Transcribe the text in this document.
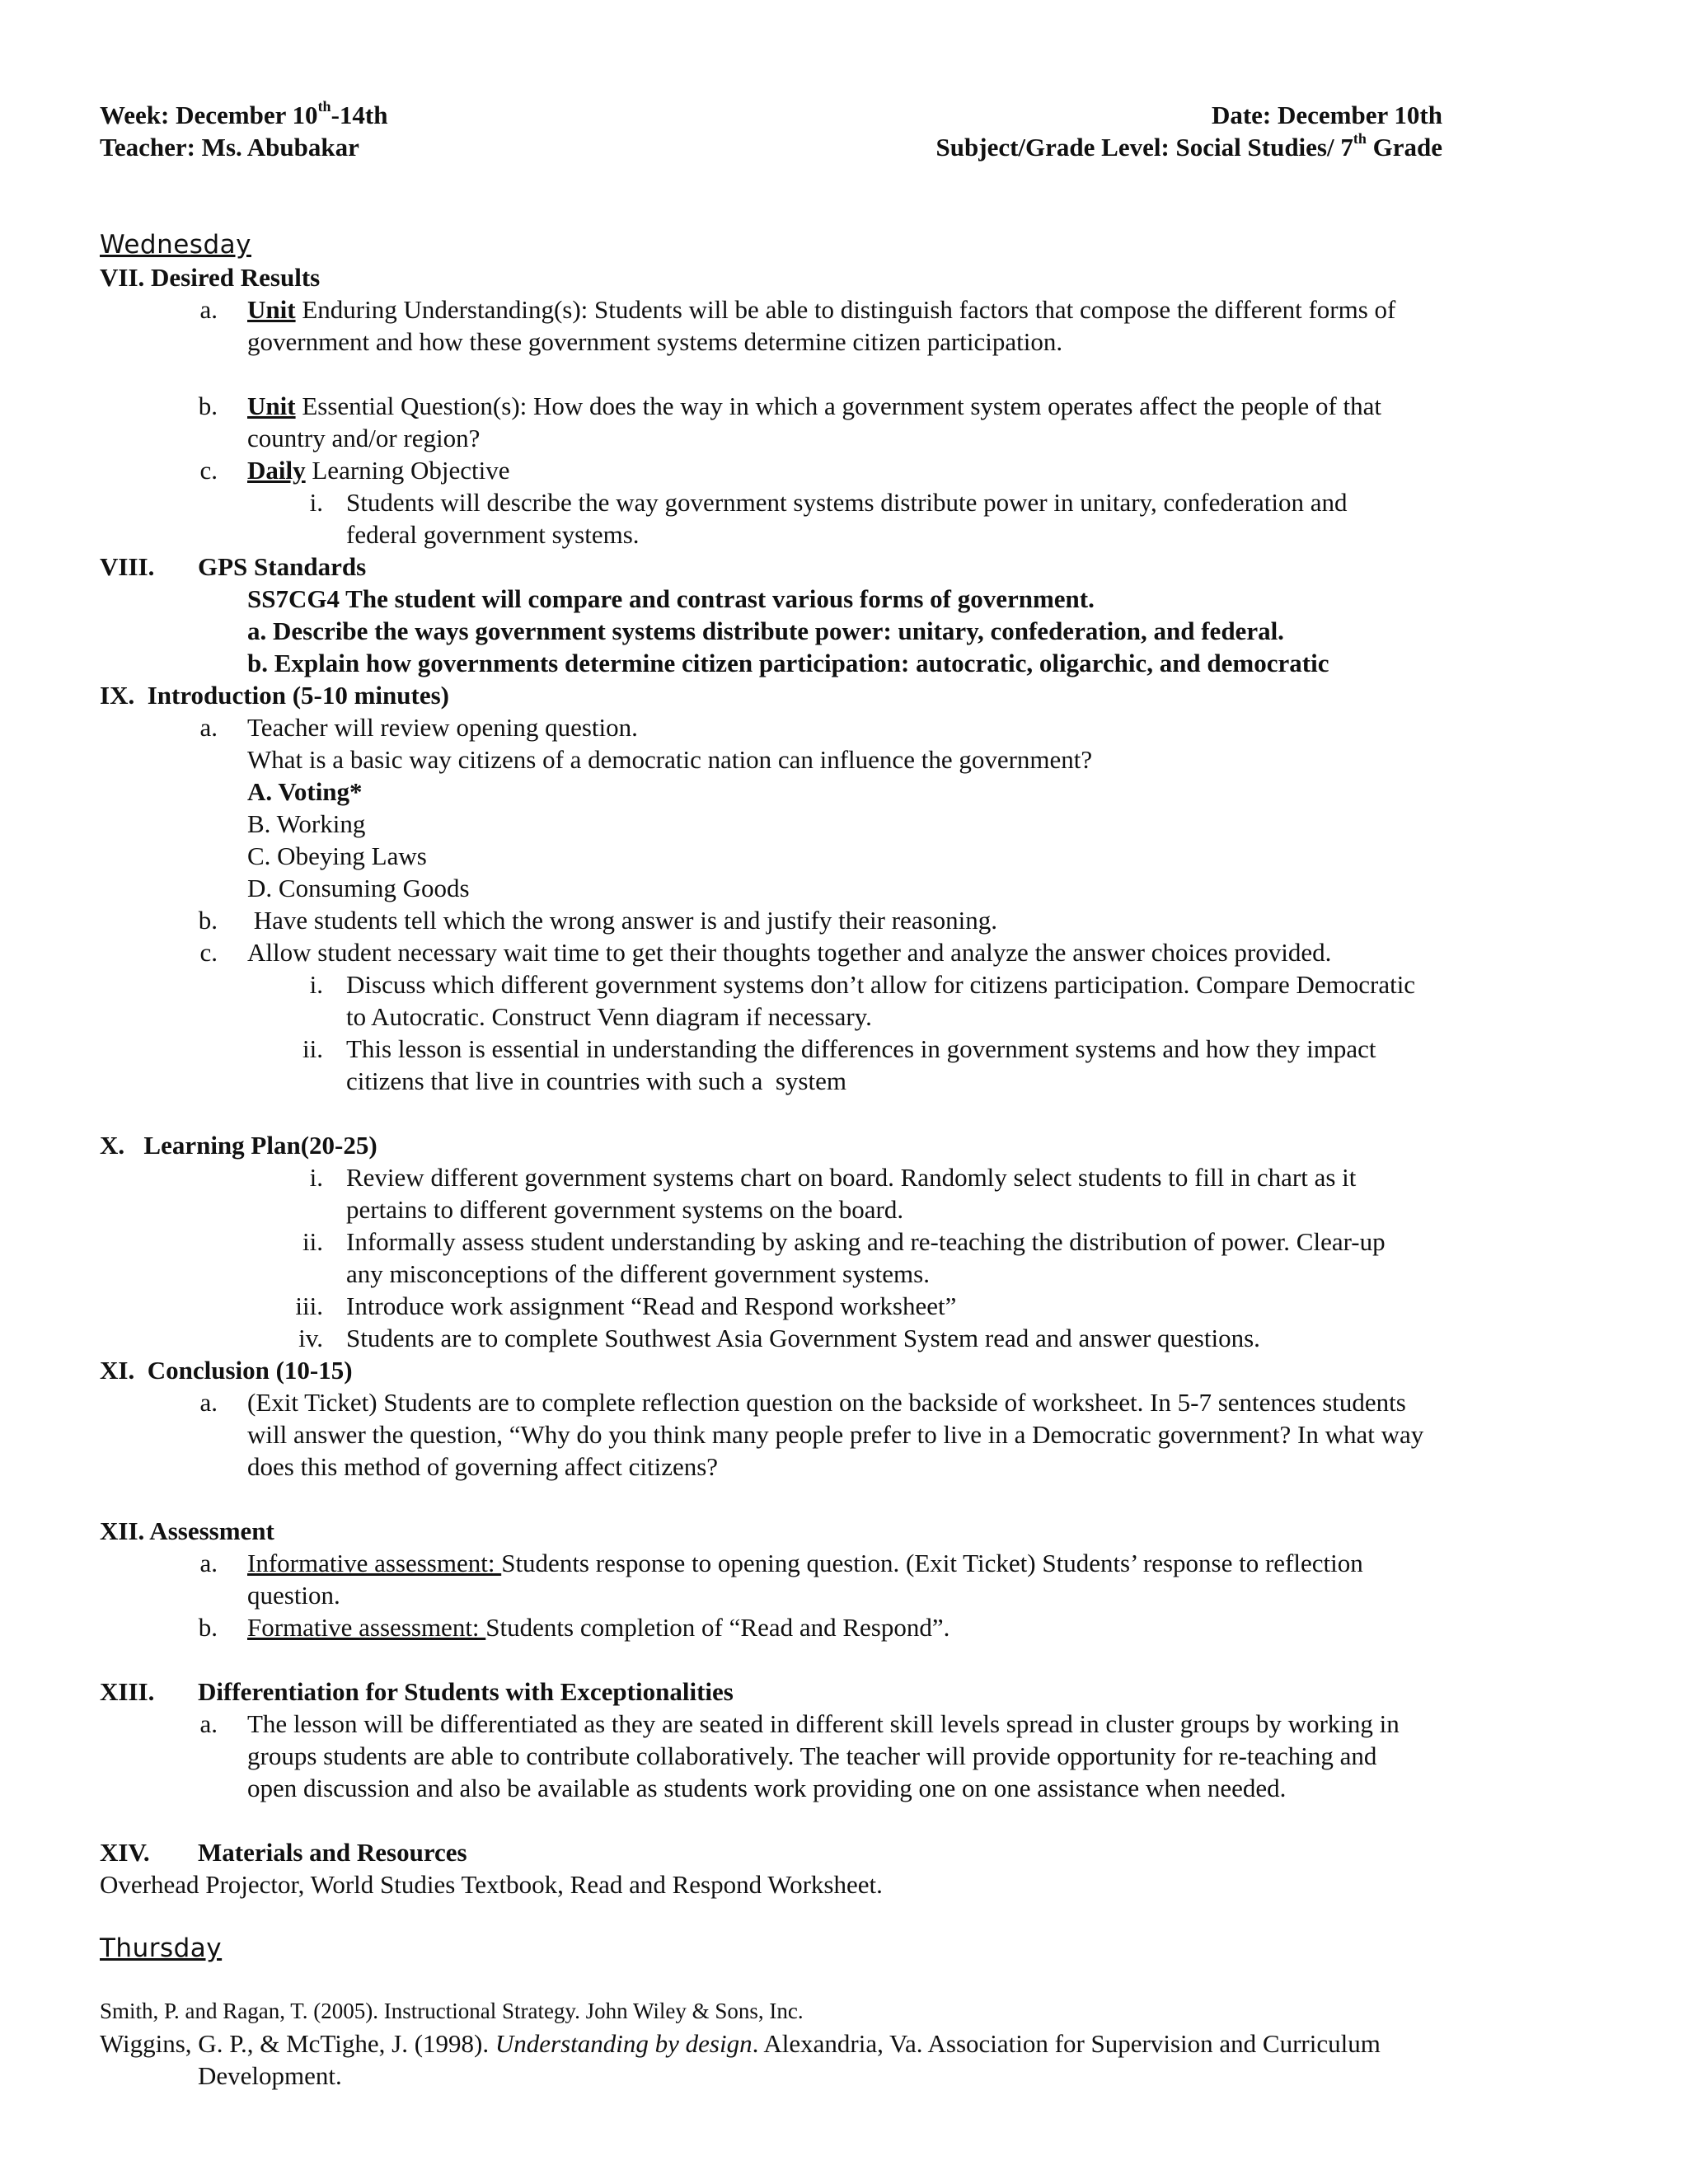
Week: December 10th-14th	Date: December 10th
Teacher: Ms. Abubakar	Subject/Grade Level: Social Studies/ 7th Grade
Wednesday
VII. Desired Results
a. Unit Enduring Understanding(s): Students will be able to distinguish factors that compose the different forms of
government and how these government systems determine citizen participation.
b. Unit Essential Question(s): How does the way in which a government system operates affect the people of that
country and/or region?
c. Daily Learning Objective
i. Students will describe the way government systems distribute power in unitary, confederation and
federal government systems.
VIII. GPS Standards
SS7CG4 The student will compare and contrast various forms of government.
a. Describe the ways government systems distribute power: unitary, confederation, and federal.
b. Explain how governments determine citizen participation: autocratic, oligarchic, and democratic
IX.  Introduction (5-10 minutes)
a. Teacher will review opening question.
What is a basic way citizens of a democratic nation can influence the government?
A. Voting*
B. Working
C. Obeying Laws
D. Consuming Goods
b. Have students tell which the wrong answer is and justify their reasoning.
c. Allow student necessary wait time to get their thoughts together and analyze the answer choices provided.
i. Discuss which different government systems don’t allow for citizens participation. Compare Democratic
to Autocratic. Construct Venn diagram if necessary.
ii. This lesson is essential in understanding the differences in government systems and how they impact
citizens that live in countries with such a  system
X.   Learning Plan(20-25)
i. Review different government systems chart on board. Randomly select students to fill in chart as it
pertains to different government systems on the board.
ii. Informally assess student understanding by asking and re-teaching the distribution of power. Clear-up
any misconceptions of the different government systems.
iii. Introduce work assignment “Read and Respond worksheet”
iv. Students are to complete Southwest Asia Government System read and answer questions.
XI.  Conclusion (10-15)
a. (Exit Ticket) Students are to complete reflection question on the backside of worksheet. In 5-7 sentences students
will answer the question, “Why do you think many people prefer to live in a Democratic government? In what way
does this method of governing affect citizens?
XII. Assessment
a. Informative assessment: Students response to opening question. (Exit Ticket) Students’ response to reflection
question.
b. Formative assessment: Students completion of “Read and Respond”.
XIII. Differentiation for Students with Exceptionalities
a. The lesson will be differentiated as they are seated in different skill levels spread in cluster groups by working in
groups students are able to contribute collaboratively. The teacher will provide opportunity for re-teaching and
open discussion and also be available as students work providing one on one assistance when needed.
XIV. Materials and Resources
Overhead Projector, World Studies Textbook, Read and Respond Worksheet.
Thursday
Smith, P. and Ragan, T. (2005). Instructional Strategy. John Wiley & Sons, Inc.
Wiggins, G. P., & McTighe, J. (1998). Understanding by design. Alexandria, Va. Association for Supervision and Curriculum
Development.
